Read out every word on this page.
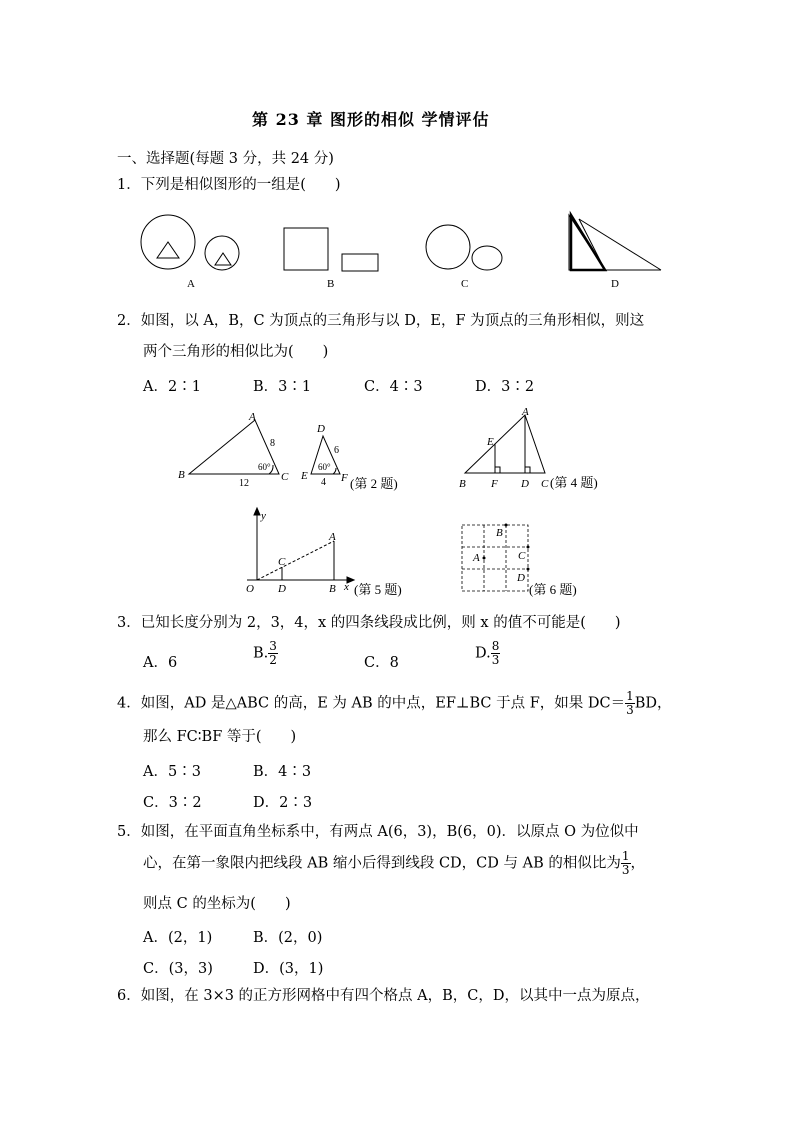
第 23 章 图形的相似 学情评估
一、选择题(每题 3 分，共 24 分)
1．下列是相似图形的一组是(　　)
A	B	C	D
2．如图，以 A，B，C 为顶点的三角形与以 D，E，F 为顶点的三角形相似，则这
两个三角形的相似比为(　　)
A．2∶1	B．3∶1	C．4∶3	D．3∶2
A
B	C
8
12
60°
D
E	F
6
4
60°
(第 2 题)
A
E
B F D C (第 4 题)
y
x
O D	B
C
A
(第 5 题)
B
A	C
D
(第 6 题)
3．已知长度分别为 2，3，4，x 的四条线段成比例，则 x 的值不可能是(　　)
A．6
B. $\frac{3}{2}$	C．8
D. $\frac{8}{3}$
4．如图，AD 是△ABC 的高，E 为 AB 的中点，EF⊥BC 于点 F，如果 $DC= \frac{1}{3}$ BD，
那么 FC∶BF 等于(　　)
A．5∶3	B．4∶3
C．3∶2	D．2∶3
5．如图，在平面直角坐标系中，有两点 A(6，3)，B(6，0)．以原点 O 为位似中
心，在第一象限内把线段 AB 缩小后得到线段 CD，CD 与 AB 的相似比为 $\frac{1}{3}$ ，
则点 C 的坐标为(　　)
A．(2，1)	B．(2，0)
C．(3，3)	D．(3，1)
6．如图，在 3×3 的正方形网格中有四个格点 A，B，C，D，以其中一点为原点，
